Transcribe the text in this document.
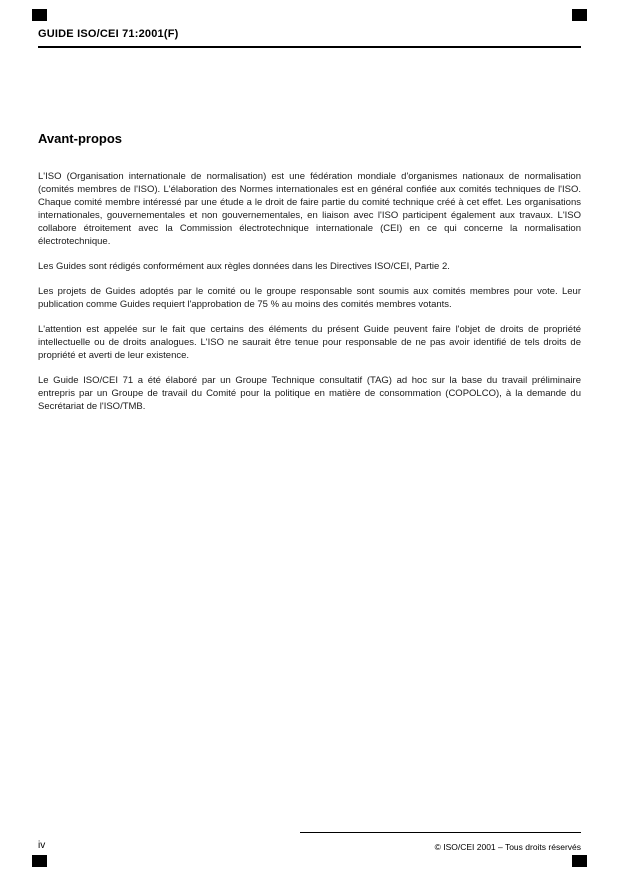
GUIDE ISO/CEI 71:2001(F)
Avant-propos

L'ISO (Organisation internationale de normalisation) est une fédération mondiale d'organismes nationaux de normalisation (comités membres de l'ISO). L'élaboration des Normes internationales est en général confiée aux comités techniques de l'ISO. Chaque comité membre intéressé par une étude a le droit de faire partie du comité technique créé à cet effet. Les organisations internationales, gouvernementales et non gouvernementales, en liaison avec l'ISO participent également aux travaux. L'ISO collabore étroitement avec la Commission électrotechnique internationale (CEI) en ce qui concerne la normalisation électrotechnique.

Les Guides sont rédigés conformément aux règles données dans les Directives ISO/CEI, Partie 2.

Les projets de Guides adoptés par le comité ou le groupe responsable sont soumis aux comités membres pour vote. Leur publication comme Guides requiert l'approbation de 75 % au moins des comités membres votants.

L'attention est appelée sur le fait que certains des éléments du présent Guide peuvent faire l'objet de droits de propriété intellectuelle ou de droits analogues. L'ISO ne saurait être tenue pour responsable de ne pas avoir identifié de tels droits de propriété et averti de leur existence.

Le Guide ISO/CEI 71 a été élaboré par un Groupe Technique consultatif (TAG) ad hoc sur la base du travail préliminaire entrepris par un Groupe de travail du Comité pour la politique en matière de consommation (COPOLCO), à la demande du Secrétariat de l'ISO/TMB.

iv	© ISO/CEI 2001 – Tous droits réservés
